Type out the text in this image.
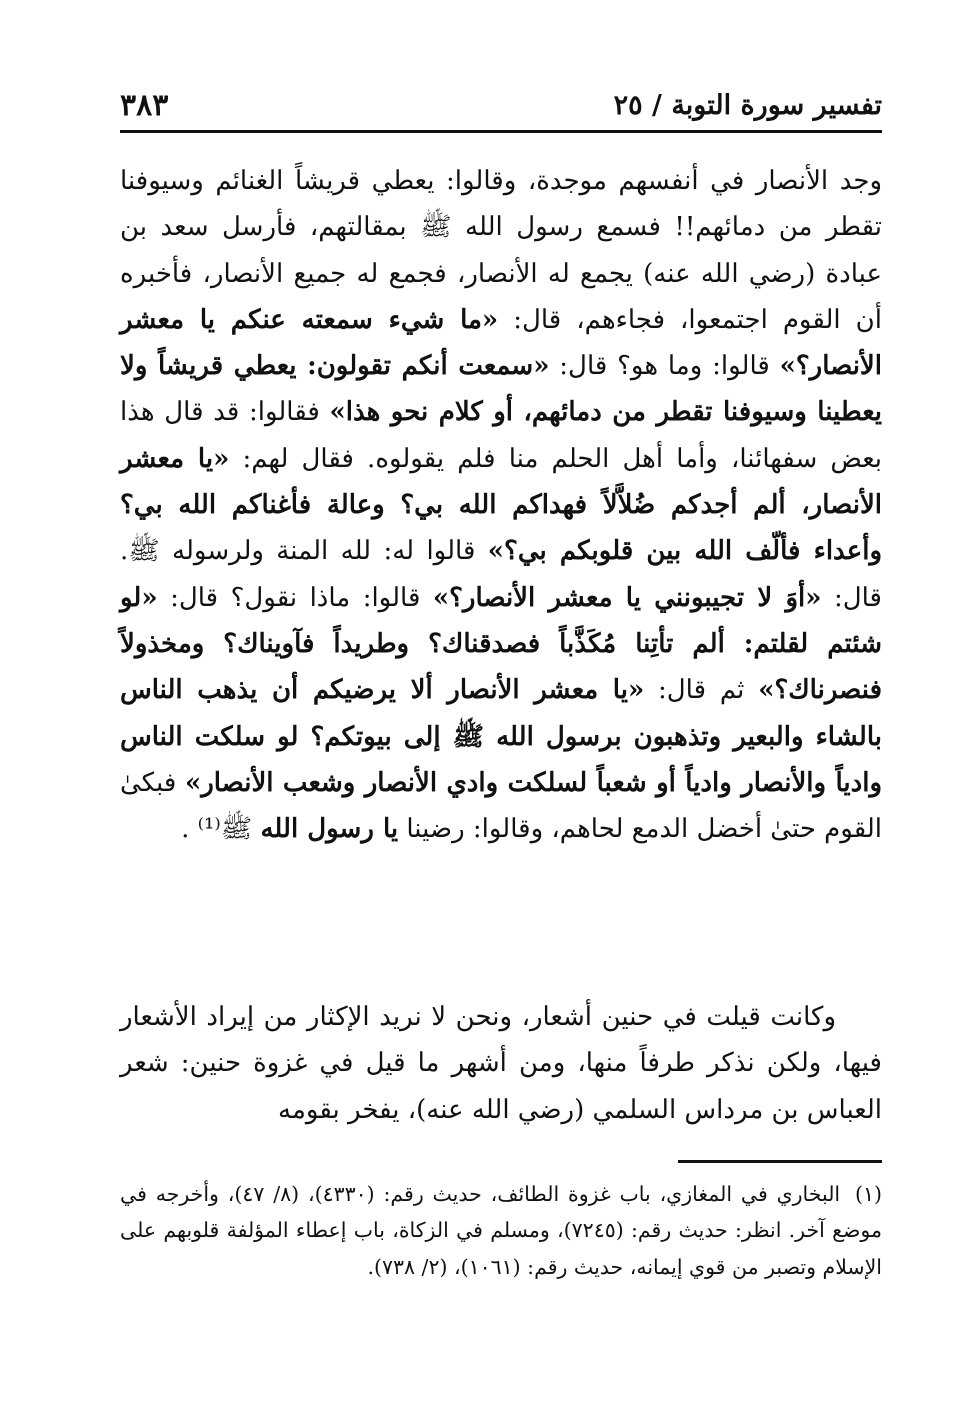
تفسير سورة التوبة / ٢٥
٣٨٣
وجد الأنصار في أنفسهم موجدة، وقالوا: يعطي قريشاً الغنائم وسيوفنا تقطر من دمائهم!! فسمع رسول الله ﷺ بمقالتهم، فأرسل سعد بن عبادة (رضي الله عنه) يجمع له الأنصار، فجمع له جميع الأنصار، فأخبره أن القوم اجتمعوا، فجاءهم، قال: «ما شيء سمعته عنكم يا معشر الأنصار؟» قالوا: وما هو؟ قال: «سمعت أنكم تقولون: يعطي قريشاً ولا يعطينا وسيوفنا تقطر من دمائهم، أو كلام نحو هذا» فقالوا: قد قال هذا بعض سفهائنا، وأما أهل الحلم منا فلم يقولوه. فقال لهم: «يا معشر الأنصار، ألم أجدكم ضُلاَّلاً فهداكم الله بي؟ وعالة فأغناكم الله بي؟ وأعداء فألّف الله بين قلوبكم بي؟» قالوا له: لله المنة ولرسوله ﷺ. قال: «أوَ لا تجيبونني يا معشر الأنصار؟» قالوا: ماذا نقول؟ قال: «لو شئتم لقلتم: ألم تأتِنا مُكَذَّباً فصدقناك؟ وطريداً فآويناك؟ ومخذولاً فنصرناك؟» ثم قال: «يا معشر الأنصار ألا يرضيكم أن يذهب الناس بالشاء والبعير وتذهبون برسول الله ﷺ إلى بيوتكم؟ لو سلكت الناس وادياً والأنصار وادياً أو شعباً لسلكت وادي الأنصار وشعب الأنصار» فبكىٰ القوم حتىٰ أخضل الدمع لحاهم، وقالوا: رضينا يا رسول الله ﷺ⁽¹⁾ .
وكانت قيلت في حنين أشعار، ونحن لا نريد الإكثار من إيراد الأشعار فيها، ولكن نذكر طرفاً منها، ومن أشهر ما قيل في غزوة حنين: شعر العباس بن مرداس السلمي (رضي الله عنه)، يفخر بقومه
(١) البخاري في المغازي، باب غزوة الطائف، حديث رقم: (٤٣٣٠)، (٨/ ٤٧)، وأخرجه في موضع آخر. انظر: حديث رقم: (٧٢٤٥)، ومسلم في الزكاة، باب إعطاء المؤلفة قلوبهم على الإسلام وتصبر من قوي إيمانه، حديث رقم: (١٠٦١)، (٢/ ٧٣٨).
